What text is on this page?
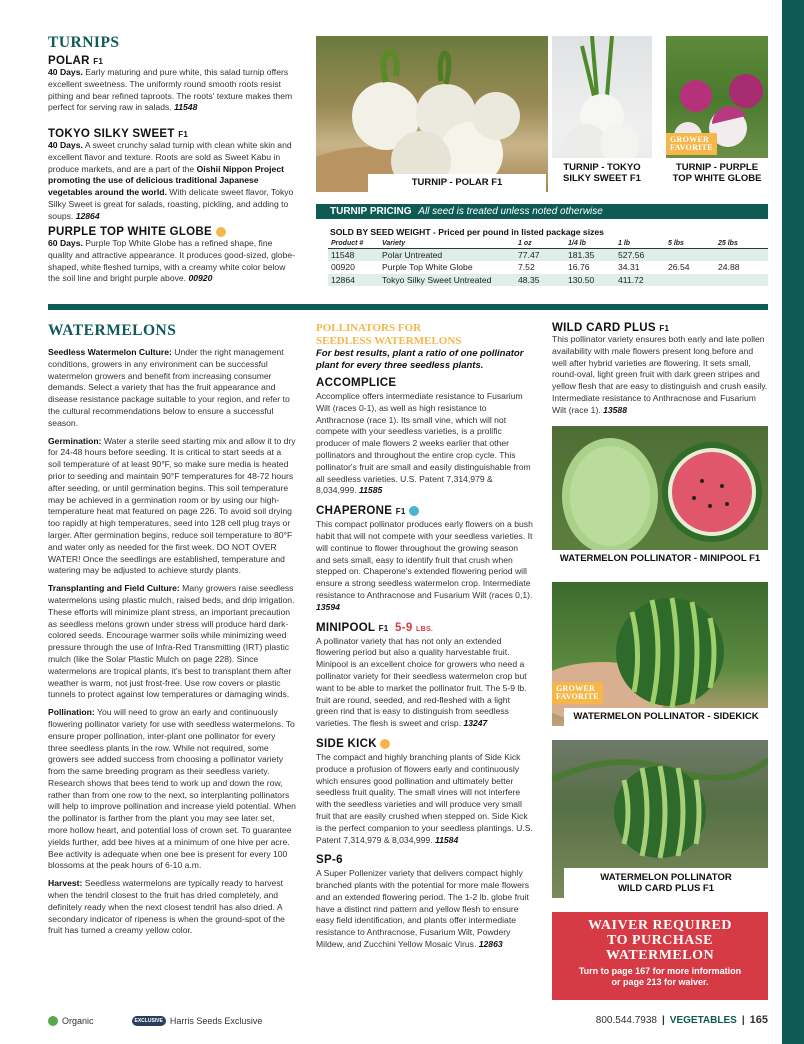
TURNIPS
POLAR F1
40 Days. Early maturing and pure white, this salad turnip offers excellent sweetness. The uniformly round smooth roots resist pithing and bear refined taproots. The roots' texture makes them perfect for serving raw in salads. 11548
TOKYO SILKY SWEET F1
40 Days. A sweet crunchy salad turnip with clean white skin and excellent flavor and texture. Roots are sold as Sweet Kabu in produce markets, and are a part of the Oishii Nippon Project promoting the use of delicious traditional Japanese vegetables around the world. With delicate sweet flavor, Tokyo Silky Sweet is great for salads, roasting, pickling, and adding to soups. 12864
PURPLE TOP WHITE GLOBE
60 Days. Purple Top White Globe has a refined shape, fine quality and attractive appearance. It produces good-sized, globe-shaped, white fleshed turnips, with a creamy white color below the soil line and bright purple above. 00920
TURNIP - POLAR F1
TURNIP - TOKYO
SILKY SWEET F1
GROWER
FAVORITE
TURNIP - PURPLE
TOP WHITE GLOBE
TURNIP PRICING All seed is treated unless noted otherwise
SOLD BY SEED WEIGHT - Priced per pound in listed package sizes
Product #	Variety	1 oz	1/4 lb	1 lb	5 lbs	25 lbs
11548	Polar Untreated	77.47	181.35	527.56		
00920	Purple Top White Globe	7.52	16.76	34.31	26.54	24.88
12864	Tokyo Silky Sweet Untreated	48.35	130.50	411.72		
WATERMELONS

Seedless Watermelon Culture: Under the right management conditions, growers in any environment can be successful watermelon growers and benefit from increasing consumer demands. Select a variety that has the fruit appearance and disease resistance package suitable to your region, and refer to the cultural recommendations below to ensure a successful season.

Germination: Water a sterile seed starting mix and allow it to dry for 24-48 hours before seeding. It is critical to start seeds at a soil temperature of at least 90°F, so make sure media is heated prior to seeding and maintain 90°F temperatures for 48-72 hours after seeding, or until germination begins. This soil temperature may be achieved in a germination room or by using our high-temperature heat mat featured on page 226. To avoid soil drying too rapidly at high temperatures, seed into 128 cell plug trays or larger. After germination begins, reduce soil temperature to 80°F and water only as needed for the first week. DO NOT OVER WATER! Once the seedlings are established, temperature and watering may be adjusted to achieve sturdy plants.

Transplanting and Field Culture: Many growers raise seedless watermelons using plastic mulch, raised beds, and drip irrigation. These efforts will minimize plant stress, an important precaution as seedless melons grown under stress will produce hard dark-colored seeds. Encourage warmer soils while minimizing weed pressure through the use of Infra-Red Transmitting (IRT) plastic mulch (like the Solar Plastic Mulch on page 228). Since watermelons are tropical plants, it's best to transplant them after weather is warm, not just frost-free. Use row covers or plastic tunnels to protect against low temperatures or damaging winds.

Pollination: You will need to grow an early and continuously flowering pollinator variety for use with seedless watermelons. To ensure proper pollination, inter-plant one pollinator for every three seedless plants in the row. While not required, some growers see added success from choosing a pollinator variety from the same breeding program as their seedless variety. Research shows that bees tend to work up and down the row, rather than from one row to the next, so interplanting pollinators will help to improve pollination and increase yield potential. When the pollinator is farther from the plant you may see later set, more hollow heart, and potential loss of crown set. To guarantee yields further, add bee hives at a minimum of one hive per acre. Bee activity is adequate when one bee is present for every 100 blossoms at the peak hours of 6-10 a.m.

Harvest: Seedless watermelons are typically ready to harvest when the tendril closest to the fruit has dried completely, and definitely ready when the next closest tendril has also dried. A secondary indicator of ripeness is when the ground-spot of the fruit has turned a creamy yellow color.

POLLINATORS FOR
SEEDLESS WATERMELONS
For best results, plant a ratio of one pollinator plant for every three seedless plants.
ACCOMPLICE
Accomplice offers intermediate resistance to Fusarium Wilt (races 0-1), as well as high resistance to Anthracnose (race 1). Its small vine, which will not compete with your seedless varieties, is a prolific producer of male flowers 2 weeks earlier that other pollinators and throughout the entire crop cycle. This pollinator's fruit are small and easily distinguishable from all seedless varieties. U.S. Patent 7,314,979 & 8,034,999. 11585
CHAPERONE F1
This compact pollinator produces early flowers on a bush habit that will not compete with your seedless varieties. It will continue to flower throughout the growing season and sets small, easy to identify fruit that crush when stepped on. Chaperone's extended flowering period will ensure a strong seedless watermelon crop. Intermediate resistance to Anthracnose and Fusarium Wilt (races 0,1). 13594
MINIPOOL F1 5-9 LBS.
A pollinator variety that has not only an extended flowering period but also a quality harvestable fruit. Minipool is an excellent choice for growers who need a pollinator variety for their seedless watermelon crop but want to be able to market the pollinator fruit. The 5-9 lb. fruit are round, seeded, and red-fleshed with a light green rind that is easy to distinguish from seedless varieties. The flesh is sweet and crisp. 13247
SIDE KICK
The compact and highly branching plants of Side Kick produce a profusion of flowers early and continuously which ensures good pollination and ultimately better seedless fruit quality. The small vines will not interfere with the seedless varieties and will produce very small fruit that are easily crushed when stepped on. Side Kick is the perfect companion to your seedless plantings. U.S. Patent 7,314,979 & 8,034,999. 11584
SP-6
A Super Pollenizer variety that delivers compact highly branched plants with the potential for more male flowers and an extended flowering period. The 1-2 lb. globe fruit have a distinct rind pattern and yellow flesh to ensure easy field identification, and plants offer intermediate resistance to Anthracnose, Fusarium Wilt, Powdery Mildew, and Zucchini Yellow Mosaic Virus. 12863
WILD CARD PLUS F1
This pollinator variety ensures both early and late pollen availability with male flowers present long before and well after hybrid varieties are flowering. It sets small, round-oval, light green fruit with dark green stripes and yellow flesh that are easy to distinguish and crush easily. Intermediate resistance to Anthracnose and Fusarium Wilt (race 1). 13588
WATERMELON POLLINATOR - MINIPOOL F1
GROWER
FAVORITE
WATERMELON POLLINATOR - SIDEKICK
WATERMELON POLLINATOR
WILD CARD PLUS F1
WAIVER REQUIRED
TO PURCHASE
WATERMELON
Turn to page 167 for more information
or page 213 for waiver.
Organic	EXCLUSIVE Harris Seeds Exclusive	800.544.7938 | VEGETABLES | 165
